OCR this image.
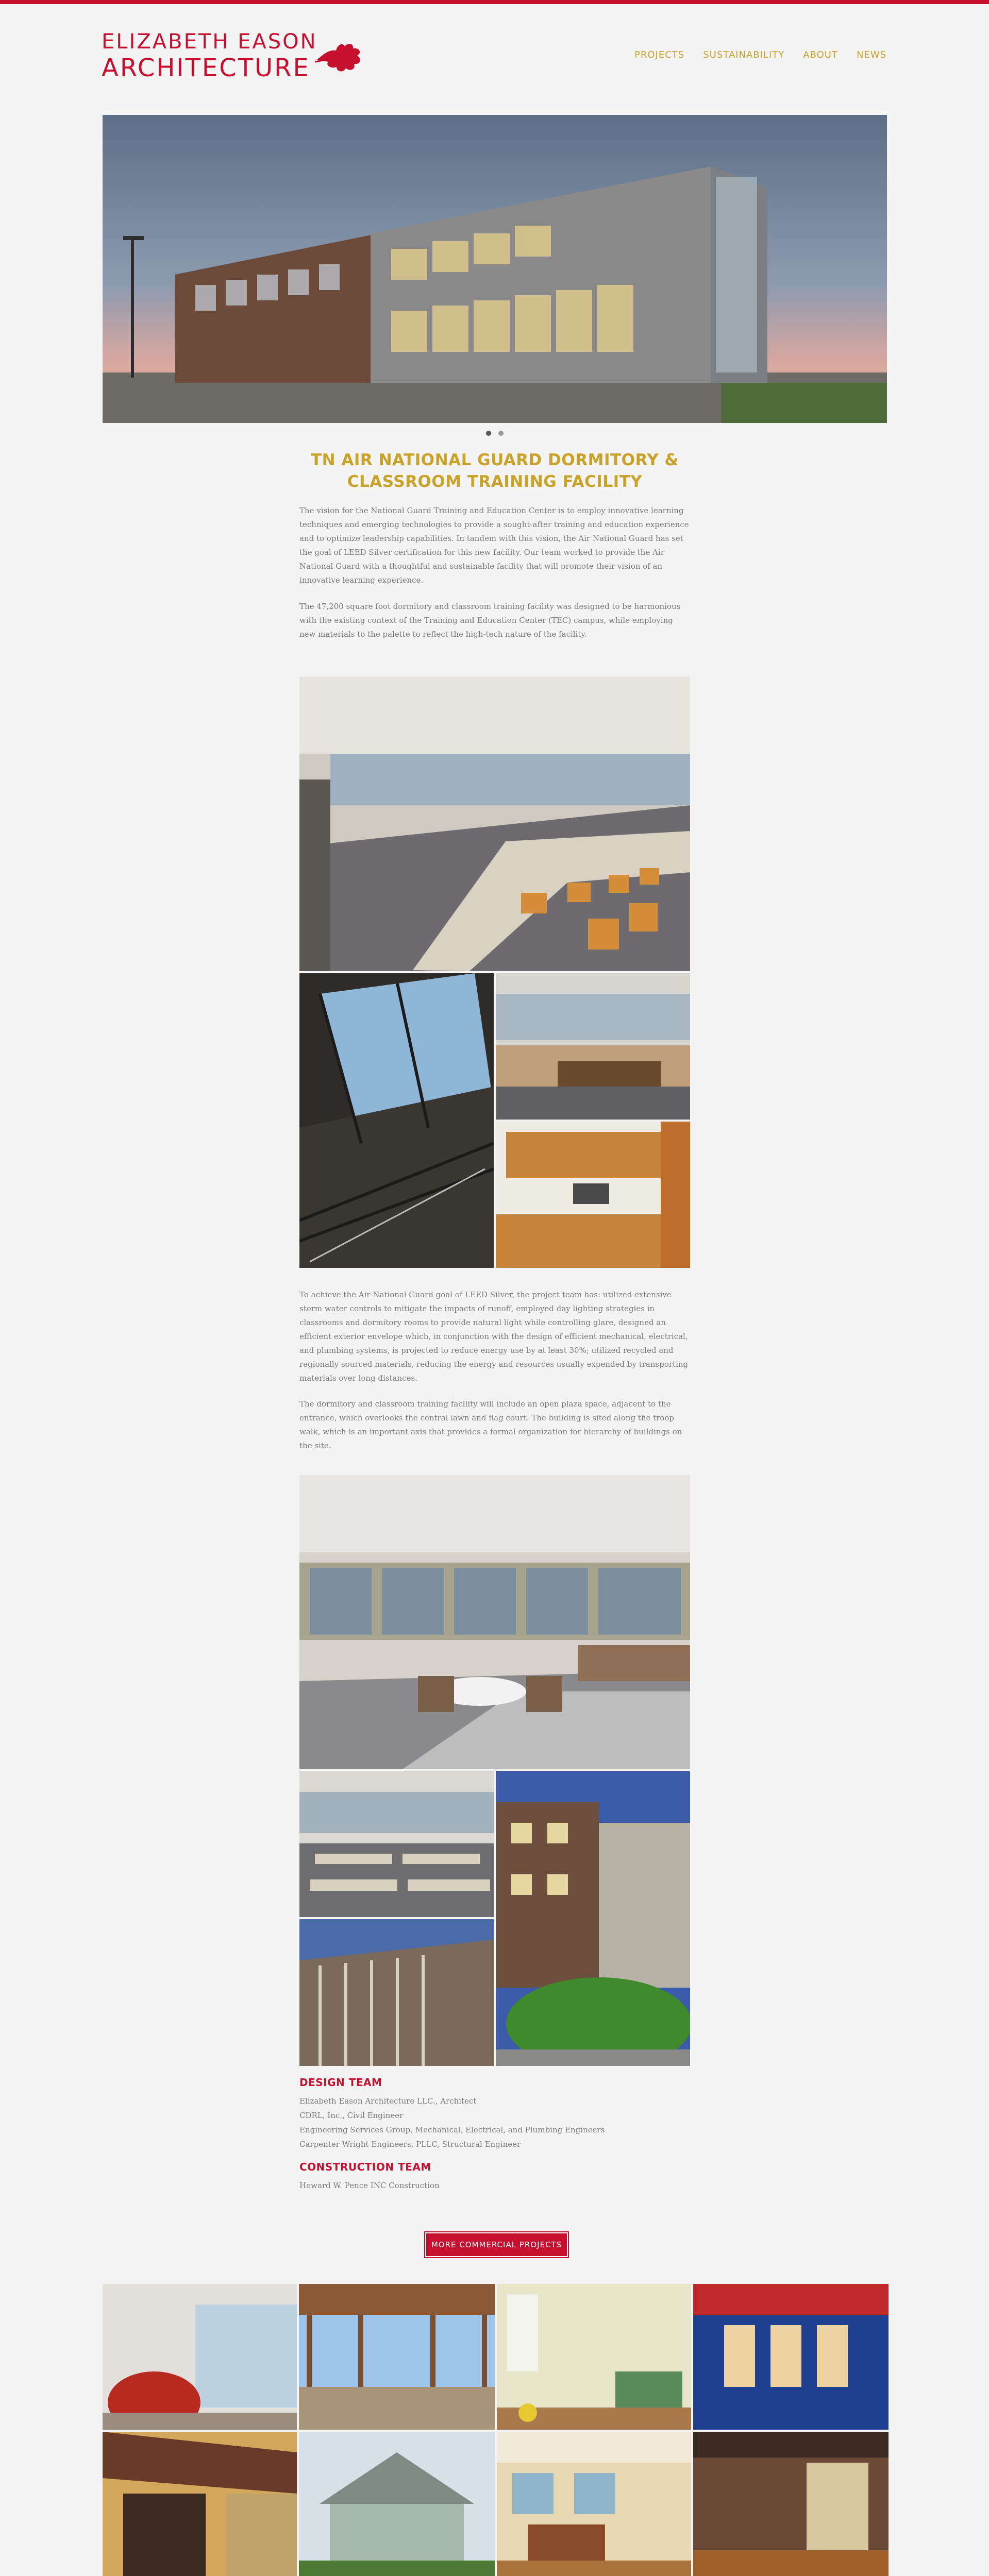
ELIZABETH EASON
ARCHITECTURE	PROJECTS SUSTAINABILITY ABOUT NEWS
TN AIR NATIONAL GUARD DORMITORY &
CLASSROOM TRAINING FACILITY

The vision for the National Guard Training and Education Center is to employ innovative learning techniques and emerging technologies to provide a sought-after training and education experience and to optimize leadership capabilities. In tandem with this vision, the Air National Guard has set the goal of LEED Silver certification for this new facility. Our team worked to provide the Air National Guard with a thoughtful and sustainable facility that will promote their vision of an innovative learning experience.

The 47,200 square foot dormitory and classroom training facility was designed to be harmonious with the existing context of the Training and Education Center (TEC) campus, while employing new materials to the palette to reflect the high-tech nature of the facility.

To achieve the Air National Guard goal of LEED Silver, the project team has: utilized extensive storm water controls to mitigate the impacts of runoff, employed day lighting strategies in classrooms and dormitory rooms to provide natural light while controlling glare, designed an efficient exterior envelope which, in conjunction with the design of efficient mechanical, electrical, and plumbing systems, is projected to reduce energy use by at least 30%; utilized recycled and regionally sourced materials, reducing the energy and resources usually expended by transporting materials over long distances.

The dormitory and classroom training facility will include an open plaza space, adjacent to the entrance, which overlooks the central lawn and flag court. The building is sited along the troop walk, which is an important axis that provides a formal organization for hierarchy of buildings on the site.

DESIGN TEAM

Elizabeth Eason Architecture LLC., Architect

CDRL, Inc., Civil Engineer

Engineering Services Group, Mechanical, Electrical, and Plumbing Engineers

Carpenter Wright Engineers, PLLC, Structural Engineer

CONSTRUCTION TEAM

Howard W. Pence INC Construction

MORE COMMERCIAL PROJECTS
